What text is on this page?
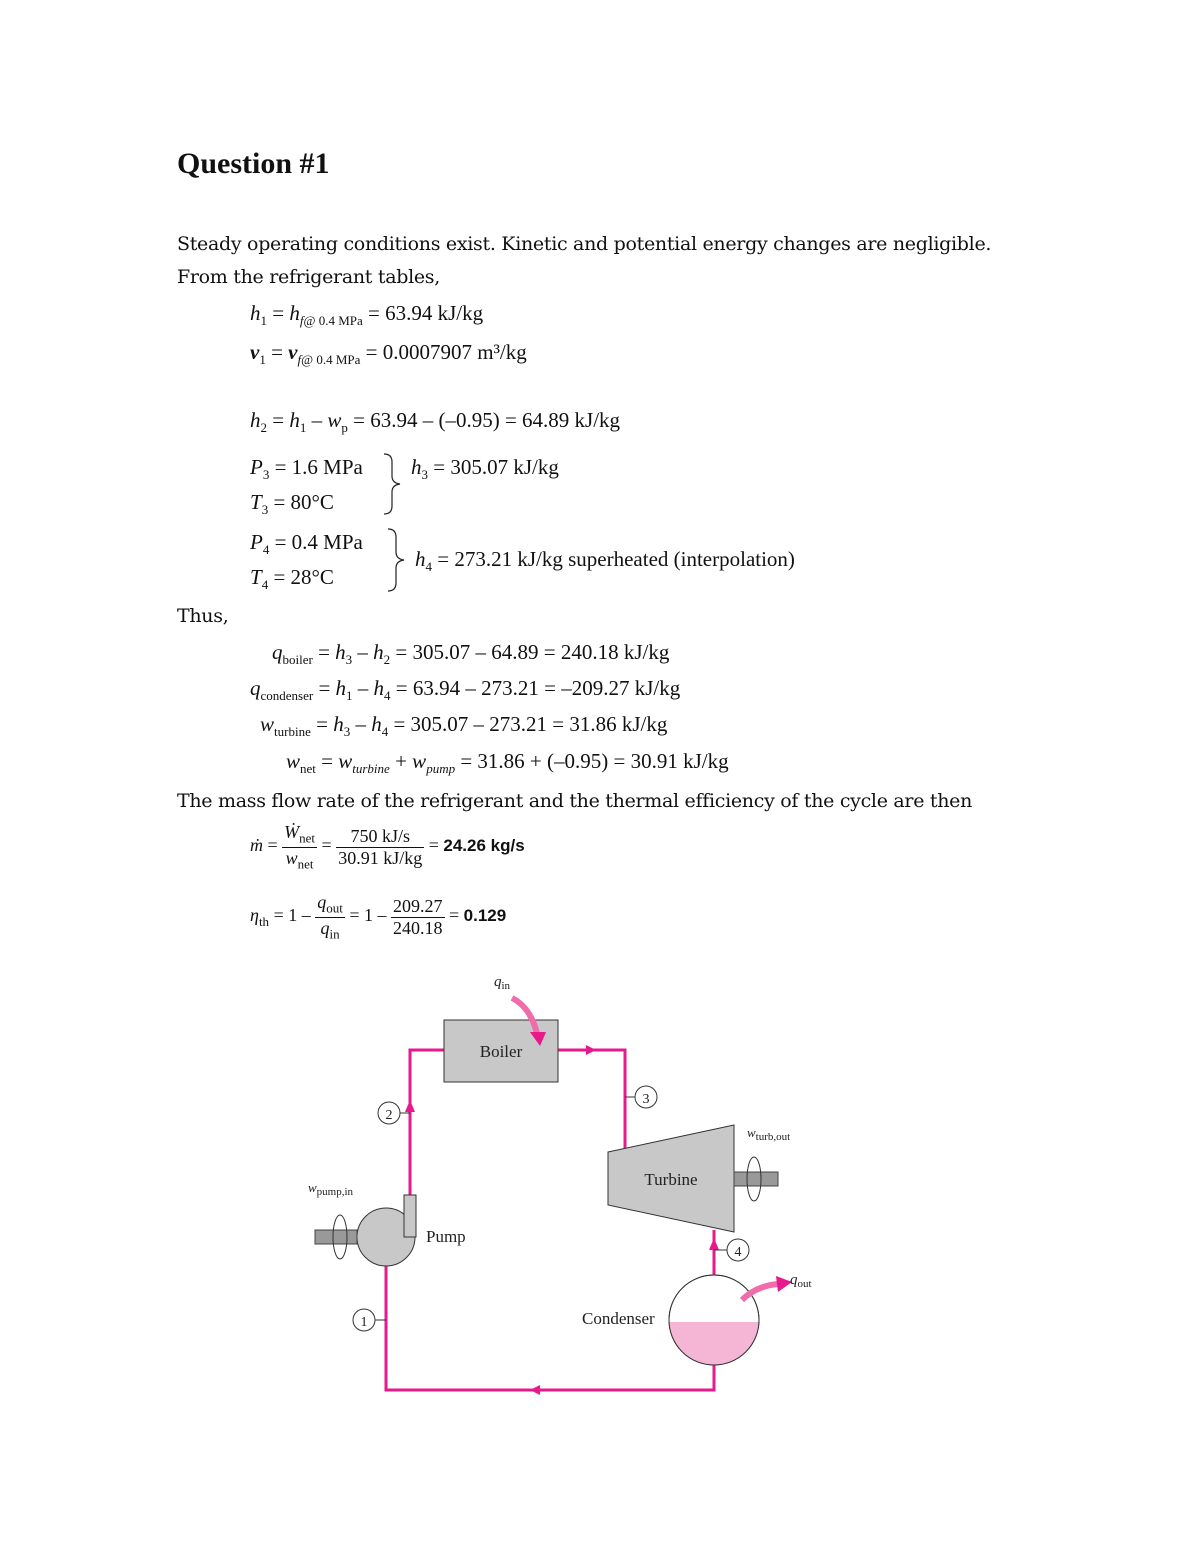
Question #1
Steady operating conditions exist. Kinetic and potential energy changes are negligible.
From the refrigerant tables,
$h_1 = h_{f@ 0.4 MPa} = 63.94$ kJ/kg
$v_1 = v_{f@ 0.4 MPa} = 0.0007907$ m³/kg
$h_2 = h_1 - w_p = 63.94 - (-0.95) = 64.89$ kJ/kg
$P_3 = 1.6$ MPa
$T_3 = 80^\circ C$
$h_3 = 305.07$ kJ/kg
$P_4 = 0.4$ MPa
$T_4 = 28^\circ C$
$h_4 = 273.21$ kJ/kg superheated (interpolation)
Thus,
$q_{boiler} = h_3 - h_2 = 305.07 - 64.89 = 240.18$ kJ/kg
$q_{condenser} = h_1 - h_4 = 63.94 - 273.21 = -209.27$ kJ/kg
$w_{turbine} = h_3 - h_4 = 305.07 - 273.21 = 31.86$ kJ/kg
$w_{net} = w_{turbine} + w_{pump} = 31.86 + (-0.95) = 30.91$ kJ/kg
The mass flow rate of the refrigerant and the thermal efficiency of the cycle are then
ṁ = $\frac{Ẇ_{net}}{w_{net}} = \frac{750 kJ/s}{30.91 kJ/kg} = 24.26$ kg/s
$\eta_{th} = 1 - \frac{q_{out}}{q_{in}} = 1 - \frac{209.27}{240.18} = 0.129$
Boiler
$q_{in}$
Turbine
$w_{turb,out}$
Pump
$w_{pump,in}$
Condenser
$q_{out}$
2
3
4
1
